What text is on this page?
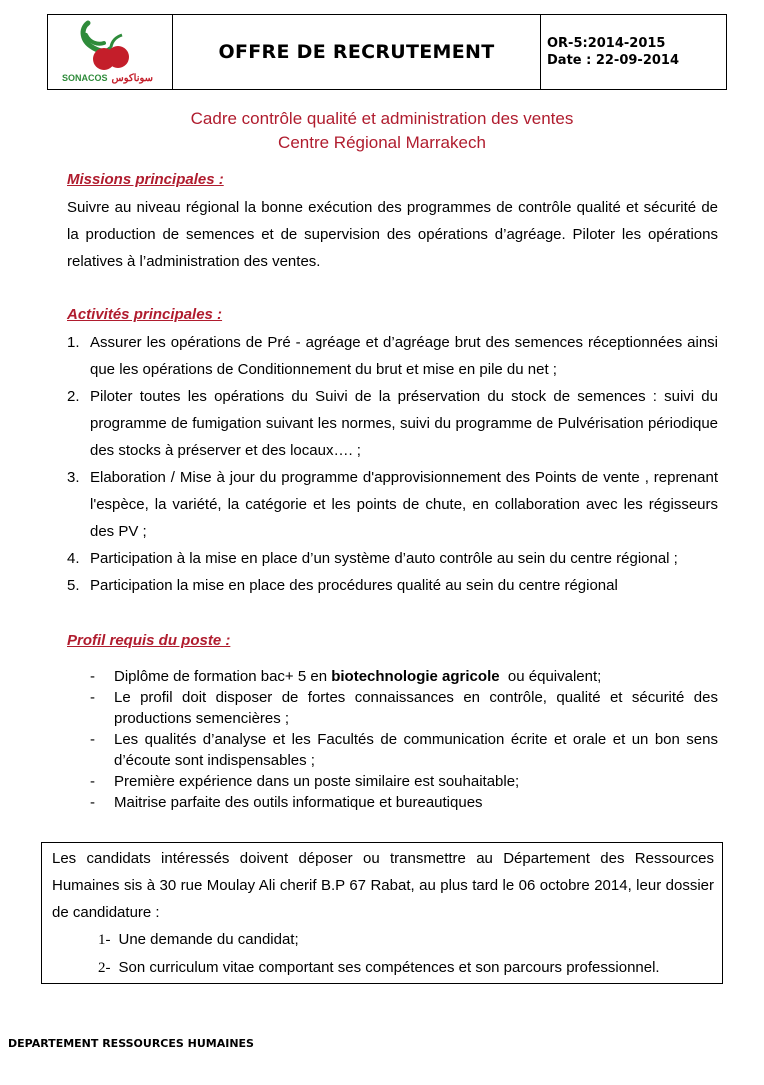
SONACOS سوناكوس
OFFRE DE RECRUTEMENT	OR-5:2014-2015
Date : 22-09-2014
Cadre contrôle qualité et administration des ventes
Centre Régional Marrakech
Missions principales :
Suivre au niveau régional la bonne exécution des programmes de contrôle qualité et sécurité de la production de semences et de supervision des opérations d’agréage. Piloter les opérations relatives à l’administration des ventes.
Activités principales :
1. Assurer les opérations de Pré - agréage et d’agréage brut des semences réceptionnées ainsi que les opérations de Conditionnement du brut et mise en pile du net ;
2. Piloter toutes les opérations du Suivi de la préservation du stock de semences : suivi du programme de fumigation suivant les normes, suivi du programme de Pulvérisation périodique des stocks à préserver et des locaux…. ;
3. Elaboration / Mise à jour du programme d'approvisionnement des Points de vente , reprenant l'espèce, la variété, la catégorie et les points de chute, en collaboration avec les régisseurs des PV ;
4. Participation à la mise en place d’un système d’auto contrôle au sein du centre régional ;
5. Participation la mise en place des procédures qualité au sein du centre régional
Profil requis du poste :
- Diplôme de formation bac+ 5 en biotechnologie agricole  ou équivalent;
- Le profil doit disposer de fortes connaissances en contrôle, qualité et sécurité des productions semencières ;
- Les qualités d’analyse et les Facultés de communication écrite et orale et un bon sens d’écoute sont indispensables ;
- Première expérience dans un poste similaire est souhaitable;
- Maitrise parfaite des outils informatique et bureautiques
Les candidats intéressés doivent déposer ou transmettre au Département des Ressources Humaines sis à 30 rue Moulay Ali cherif B.P 67 Rabat, au plus tard le 06 octobre 2014, leur dossier de candidature :
1- Une demande du candidat;
2- Son curriculum vitae comportant ses compétences et son parcours professionnel.
DEPARTEMENT RESSOURCES HUMAINES
